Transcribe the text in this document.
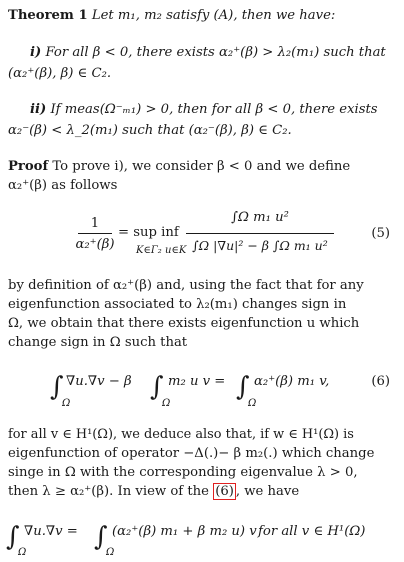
Theorem 1 Let m₁, m₂ satisfy (A), then we have:
i) For all β < 0, there exists α₂⁺(β) > λ₂(m₁) such that
(α₂⁺(β), β) ∈ C₂.
ii) If meas(Ω⁻ₘ₁) > 0, then for all β < 0, there exists
α₂⁻(β) < λ_2(m₁) such that (α₂⁻(β), β) ∈ C₂.
Proof To prove i), we consider β < 0 and we define
α₂⁺(β) as follows
1
α₂⁺(β)
= sup inf
K∈Γ₂ u∈K
∫Ω m₁ u²
∫Ω |∇u|² − β ∫Ω m₁ u²
(5)
by definition of α₂⁺(β) and, using the fact that for any
eigenfunction associated to λ₂(m₁) changes sign in
Ω, we obtain that there exists eigenfunction u which
change sign in Ω such that
∫
Ω
∇u.∇v − β ∫
Ω
m₂ u v = ∫
Ω
α₂⁺(β) m₁ v,	(6)
for all v ∈ H¹(Ω), we deduce also that, if w ∈ H¹(Ω) is
eigenfunction of operator −Δ(.)− β m₂(.) which change
singe in Ω with the corresponding eigenvalue λ > 0,
then λ ≥ α₂⁺(β). In view of the (6) , we have
∫
Ω
∇u.∇v = ∫
Ω
(α₂⁺(β) m₁ + β m₂ u) v for all v ∈ H¹(Ω)
